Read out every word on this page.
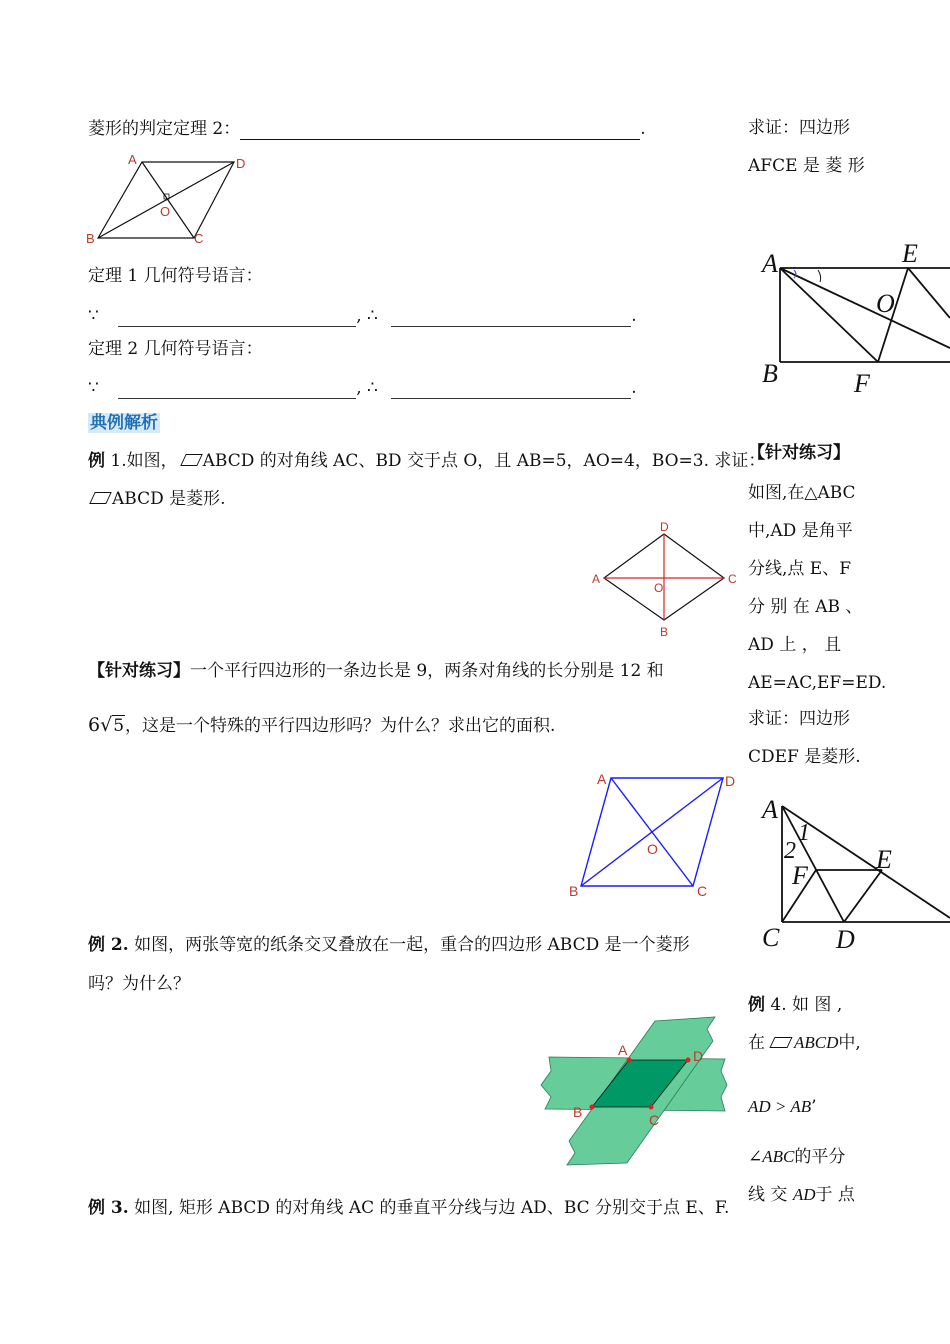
菱形的判定定理 2：	.
A	D
B	C
O
定理 1 几何符号语言：
∵	, ∴	.
定理 2 几何符号语言：
∵	, ∴	.
典例解析
例 1.如图， ABCD 的对角线 AC、BD 交于点 O，且 AB=5，AO=4，BO=3. 求证：
ABCD 是菱形.
D
A	C
B
O
【针对练习】一个平行四边形的一条边长是 9，两条对角线的长分别是 12 和
6√5，这是一个特殊的平行四边形吗？为什么？求出它的面积.
A	D
B	C
O
例 2. 如图，两张等宽的纸条交叉叠放在一起，重合的四边形 ABCD 是一个菱形
吗？为什么？
A	D
B	C
例 3. 如图, 矩形 ABCD 的对角线 AC 的垂直平分线与边 AD、BC 分别交于点 E、F.
求证：四边形
AFCE 是 菱 形
A	E
O
B	F
【针对练习】
如图,在△ABC
中,AD 是角平
分线,点 E、F
分 别 在 AB 、
AD 上 ， 且
AE=AC,EF=ED.
求证：四边形
CDEF 是菱形.
A
1
2
F
E
C D
例 4. 如 图 ,
在 ABCD中,
AD > AB’
∠ABC的平分
线 交 AD于 点
